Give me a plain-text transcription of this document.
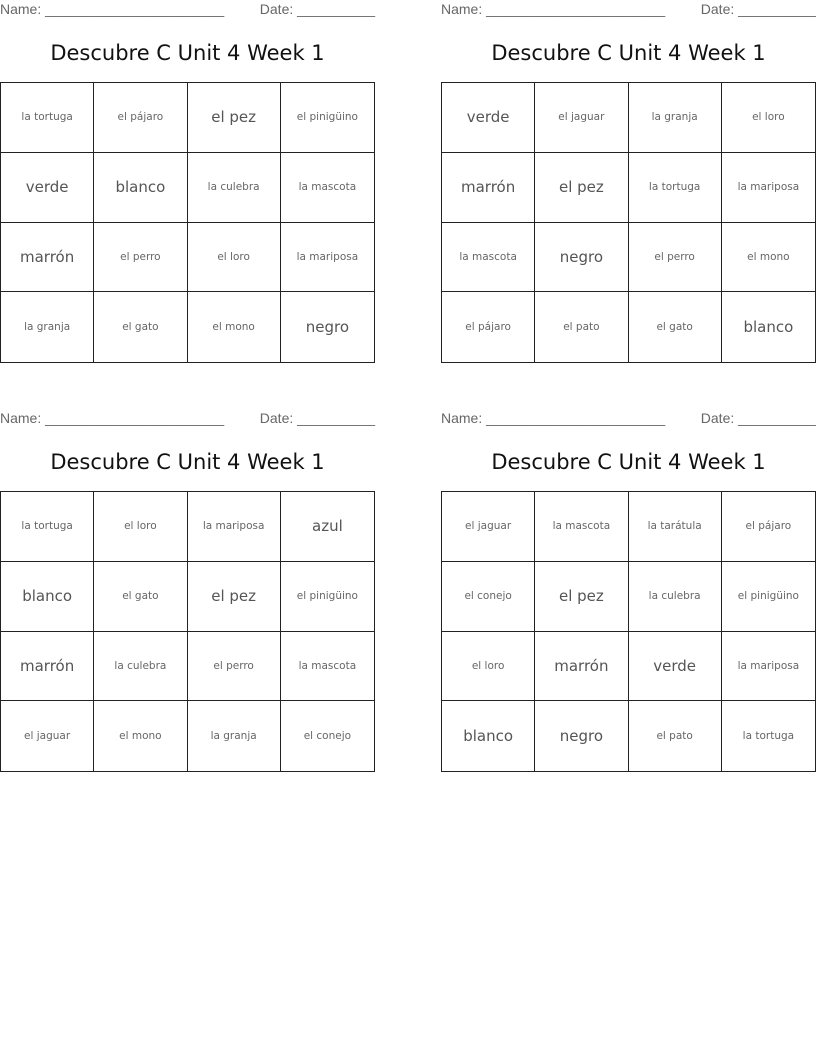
Name: _______________________	Date: __________
Descubre C Unit 4 Week 1
la tortuga	el pájaro	el pez	el pinigüino
verde	blanco	la culebra	la mascota
marrón	el perro	el loro	la mariposa
la granja	el gato	el mono	negro
Name: _______________________	Date: __________
Descubre C Unit 4 Week 1
verde	el jaguar	la granja	el loro
marrón	el pez	la tortuga	la mariposa
la mascota	negro	el perro	el mono
el pájaro	el pato	el gato	blanco
Name: _______________________	Date: __________
Descubre C Unit 4 Week 1
la tortuga	el loro	la mariposa	azul
blanco	el gato	el pez	el pinigüino
marrón	la culebra	el perro	la mascota
el jaguar	el mono	la granja	el conejo
Name: _______________________	Date: __________
Descubre C Unit 4 Week 1
el jaguar	la mascota	la tarátula	el pájaro
el conejo	el pez	la culebra	el pinigüino
el loro	marrón	verde	la mariposa
blanco	negro	el pato	la tortuga
